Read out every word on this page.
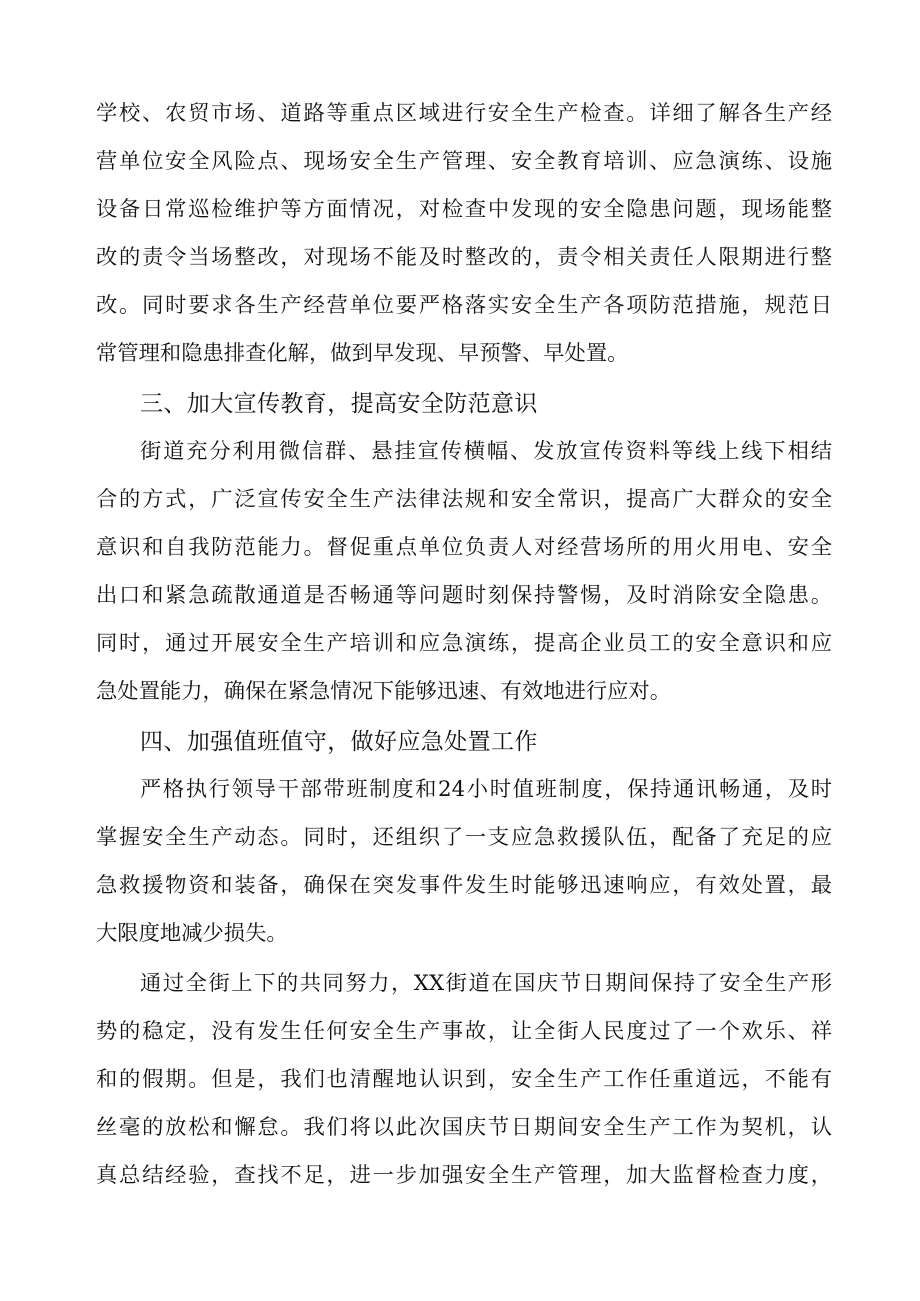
学校、农贸市场、道路等重点区域进行安全生产检查。详细了解各生产经
营单位安全风险点、现场安全生产管理、安全教育培训、应急演练、设施
设备日常巡检维护等方面情况，对检查中发现的安全隐患问题，现场能整
改的责令当场整改，对现场不能及时整改的，责令相关责任人限期进行整
改。同时要求各生产经营单位要严格落实安全生产各项防范措施，规范日
常管理和隐患排查化解，做到早发现、早预警、早处置。
三、加大宣传教育，提高安全防范意识
街道充分利用微信群、悬挂宣传横幅、发放宣传资料等线上线下相结
合的方式，广泛宣传安全生产法律法规和安全常识，提高广大群众的安全
意识和自我防范能力。督促重点单位负责人对经营场所的用火用电、安全
出口和紧急疏散通道是否畅通等问题时刻保持警惕，及时消除安全隐患。
同时，通过开展安全生产培训和应急演练，提高企业员工的安全意识和应
急处置能力，确保在紧急情况下能够迅速、有效地进行应对。
四、加强值班值守，做好应急处置工作
严格执行领导干部带班制度和24小时值班制度，保持通讯畅通，及时
掌握安全生产动态。同时，还组织了一支应急救援队伍，配备了充足的应
急救援物资和装备，确保在突发事件发生时能够迅速响应，有效处置，最
大限度地减少损失。
通过全街上下的共同努力，XX街道在国庆节日期间保持了安全生产形
势的稳定，没有发生任何安全生产事故，让全街人民度过了一个欢乐、祥
和的假期。但是，我们也清醒地认识到，安全生产工作任重道远，不能有
丝毫的放松和懈怠。我们将以此次国庆节日期间安全生产工作为契机，认
真总结经验，查找不足，进一步加强安全生产管理，加大监督检查力度，
